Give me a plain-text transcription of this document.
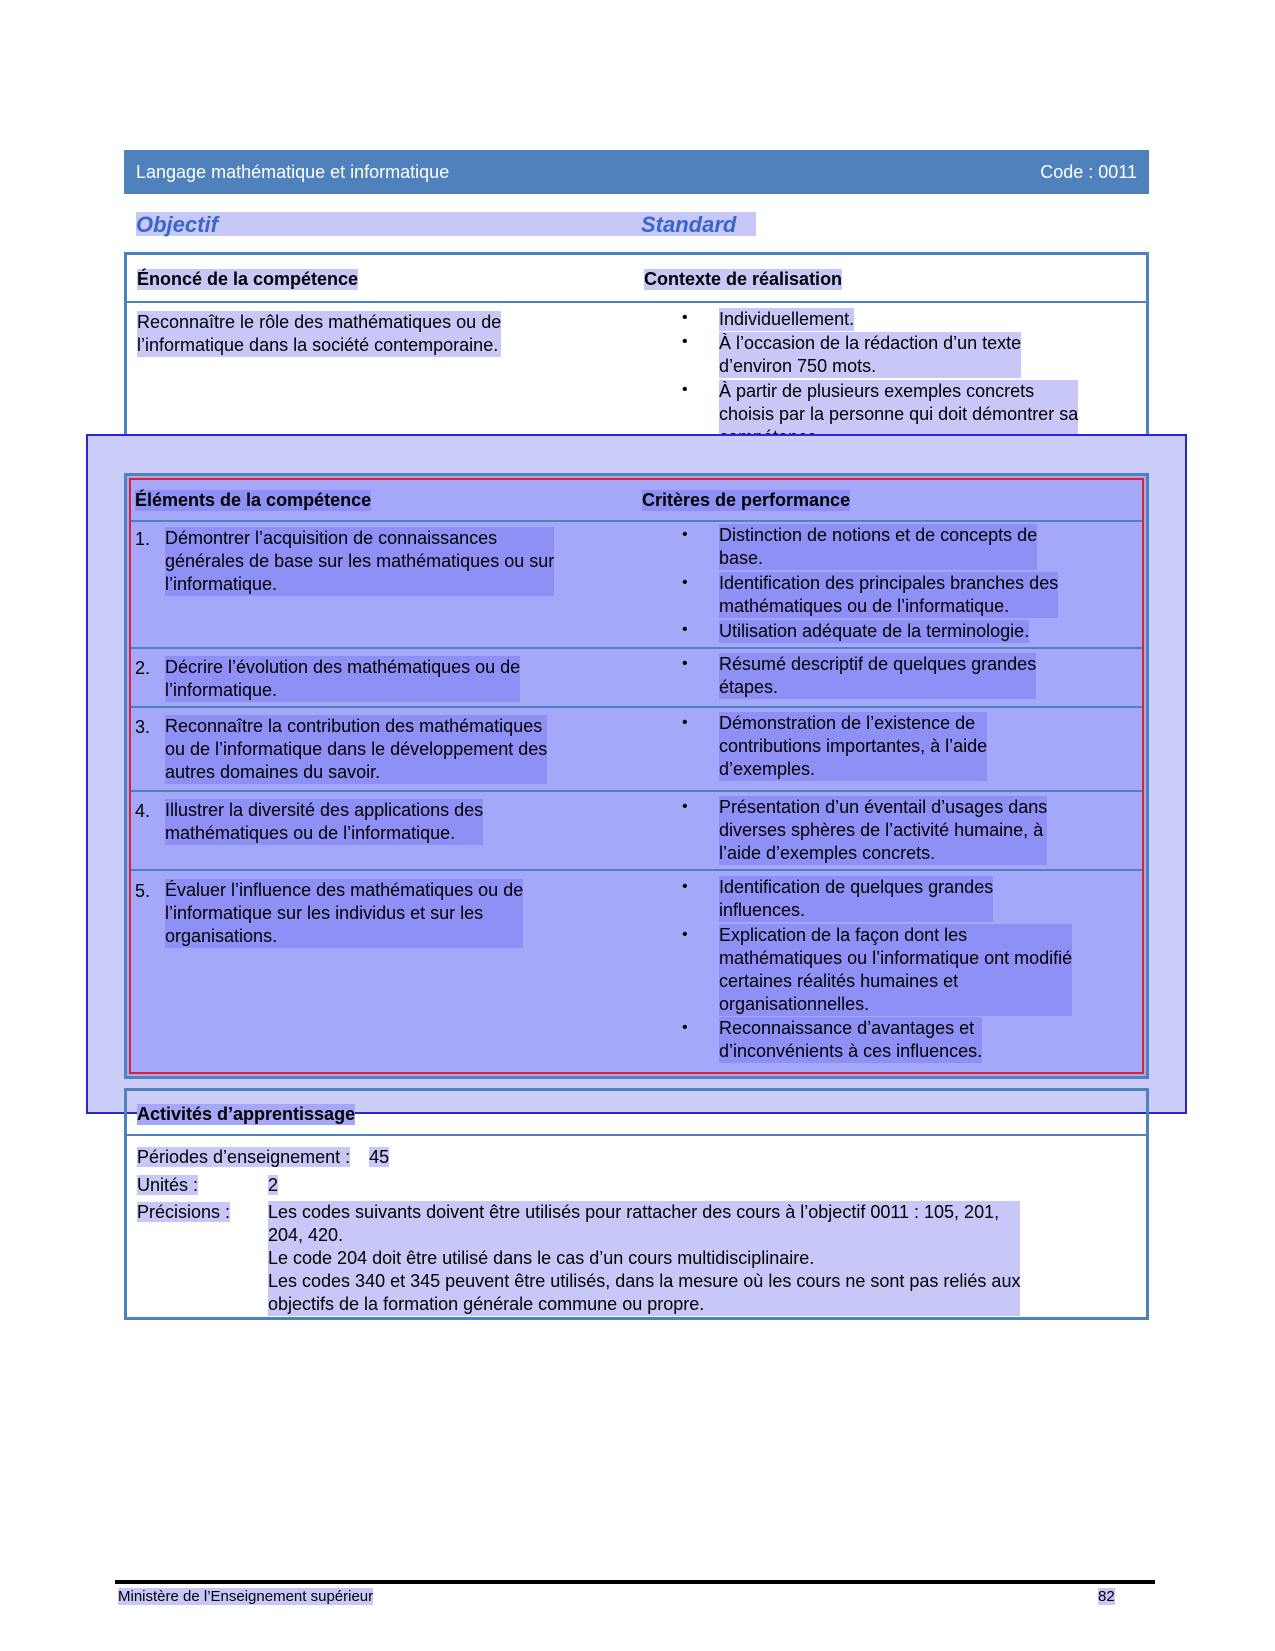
Langage mathématique et informatique	Code : 0011
Objectif	Standard
Énoncé de la compétence	Contexte de réalisation
Reconnaître le rôle des mathématiques ou de
l’informatique dans la société contemporaine.
• Individuellement.
• À l’occasion de la rédaction d’un texte
d’environ 750 mots.
• À partir de plusieurs exemples concrets
choisis par la personne qui doit démontrer sa
Éléments de la compétence	Critères de performance
1. Démontrer l’acquisition de connaissances
générales de base sur les mathématiques ou sur
l’informatique.
• Distinction de notions et de concepts de
base.
• Identification des principales branches des
mathématiques ou de l’informatique.
• Utilisation adéquate de la terminologie.
2. Décrire l’évolution des mathématiques ou de
l’informatique.
• Résumé descriptif de quelques grandes
étapes.
3. Reconnaître la contribution des mathématiques
ou de l’informatique dans le développement des
autres domaines du savoir.
• Démonstration de l’existence de
contributions importantes, à l’aide
d’exemples.
4. Illustrer la diversité des applications des
mathématiques ou de l’informatique.
• Présentation d’un éventail d’usages dans
diverses sphères de l’activité humaine, à
l’aide d’exemples concrets.
5. Évaluer l’influence des mathématiques ou de
l’informatique sur les individus et sur les
organisations.
• Identification de quelques grandes
influences.
• Explication de la façon dont les
mathématiques ou l’informatique ont modifié
certaines réalités humaines et
organisationnelles.
• Reconnaissance d’avantages et
d’inconvénients à ces influences.
Activités d’apprentissage
Périodes d’enseignement : 45
Unités :	2
Précisions : Les codes suivants doivent être utilisés pour rattacher des cours à l’objectif 0011 : 105, 201,
204, 420.
Le code 204 doit être utilisé dans le cas d’un cours multidisciplinaire.
Les codes 340 et 345 peuvent être utilisés, dans la mesure où les cours ne sont pas reliés aux
objectifs de la formation générale commune ou propre.
Ministère de l’Enseignement supérieur	82
